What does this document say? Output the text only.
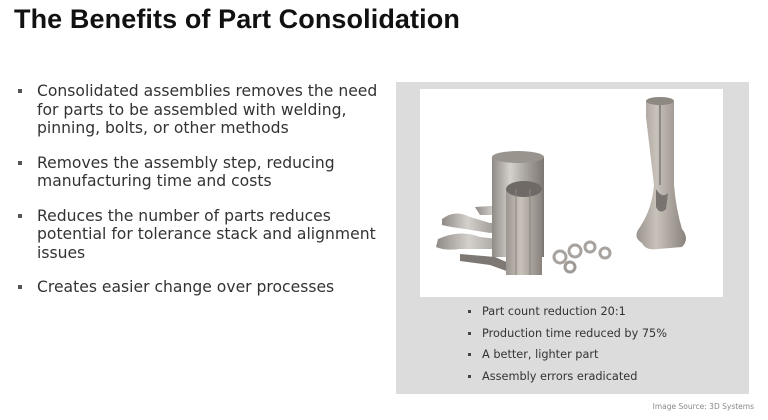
The Benefits of Part Consolidation
Consolidated assemblies removes the need for parts to be assembled with welding, pinning, bolts, or other methods
Removes the assembly step, reducing manufacturing time and costs
Reduces the number of parts reduces potential for tolerance stack and alignment issues
Creates easier change over processes
Part count reduction 20:1
Production time reduced by 75%
A better, lighter part
Assembly errors eradicated
Image Source: 3D Systems
